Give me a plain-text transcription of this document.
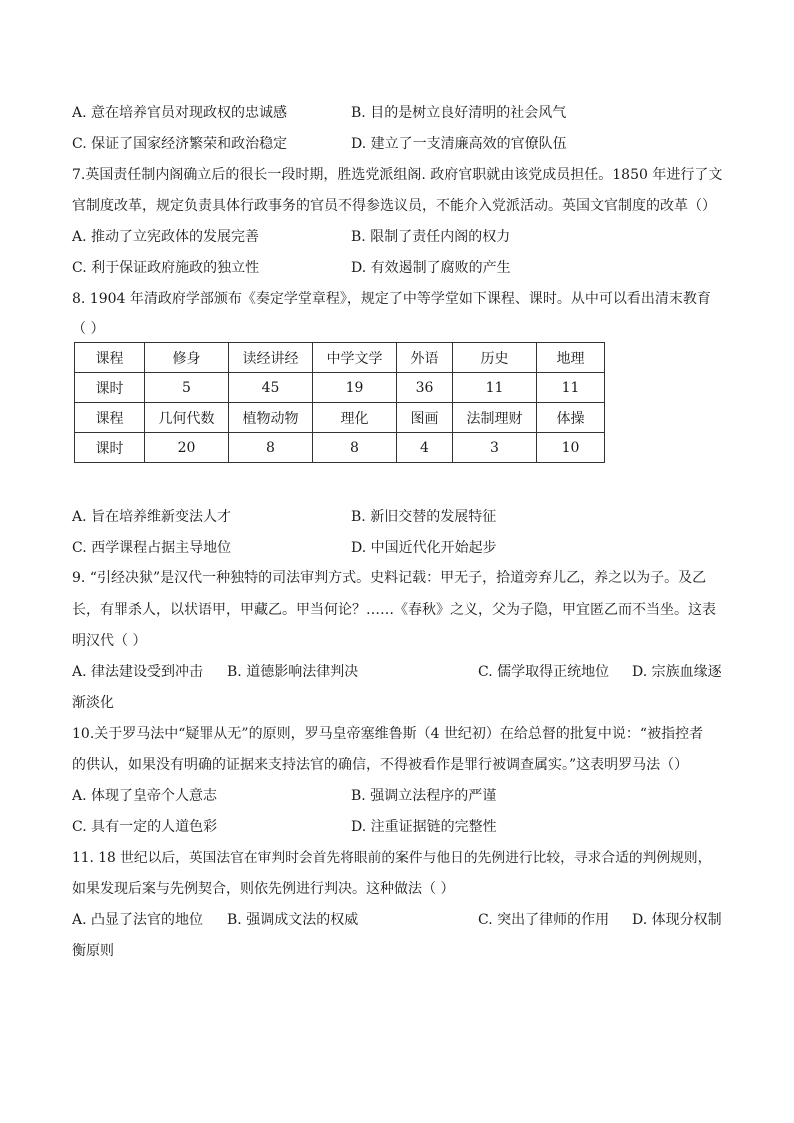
A. 意在培养官员对现政权的忠诚感	B. 目的是树立良好清明的社会风气
C. 保证了国家经济繁荣和政治稳定	D. 建立了一支清廉高效的官僚队伍
7.英国责任制内阁确立后的很长一段时期，胜选党派组阁. 政府官职就由该党成员担任。1850 年进行了文
官制度改革，规定负责具体行政事务的官员不得参选议员，不能介入党派活动。英国文官制度的改革（）
A. 推动了立宪政体的发展完善	B. 限制了责任内阁的权力
C. 利于保证政府施政的独立性	D. 有效遏制了腐败的产生
8. 1904 年清政府学部颁布《奏定学堂章程》，规定了中等学堂如下课程、课时。从中可以看出清末教育
（ ）
课程	修身	读经讲经	中学文学	外语	历史	地理
课时	5	45	19	36	11	11
课程	几何代数	植物动物	理化	图画	法制理财	体操
课时	20	8	8	4	3	10
A. 旨在培养维新变法人才	B. 新旧交替的发展特征
C. 西学课程占据主导地位	D. 中国近代化开始起步
9. “引经决狱”是汉代一种独特的司法审判方式。史料记载：甲无子，拾道旁弃儿乙，养之以为子。及乙
长，有罪杀人，以状语甲，甲藏乙。甲当何论？……《春秋》之义，父为子隐，甲宜匿乙而不当坐。这表
明汉代（ ）
A. 律法建设受到冲击 B. 道德影响法律判决	C. 儒学取得正统地位 D. 宗族血缘逐
渐淡化
10.关于罗马法中“疑罪从无”的原则，罗马皇帝塞维鲁斯（4 世纪初）在给总督的批复中说：“被指控者
的供认，如果没有明确的证据来支持法官的确信，不得被看作是罪行被调查属实。”这表明罗马法（）
A. 体现了皇帝个人意志	B. 强调立法程序的严谨
C. 具有一定的人道色彩	D. 注重证据链的完整性
11. 18 世纪以后，英国法官在审判时会首先将眼前的案件与他日的先例进行比较，寻求合适的判例规则，
如果发现后案与先例契合，则依先例进行判决。这种做法（ ）
A. 凸显了法官的地位 B. 强调成文法的权威	C. 突出了律师的作用 D. 体现分权制
衡原则
